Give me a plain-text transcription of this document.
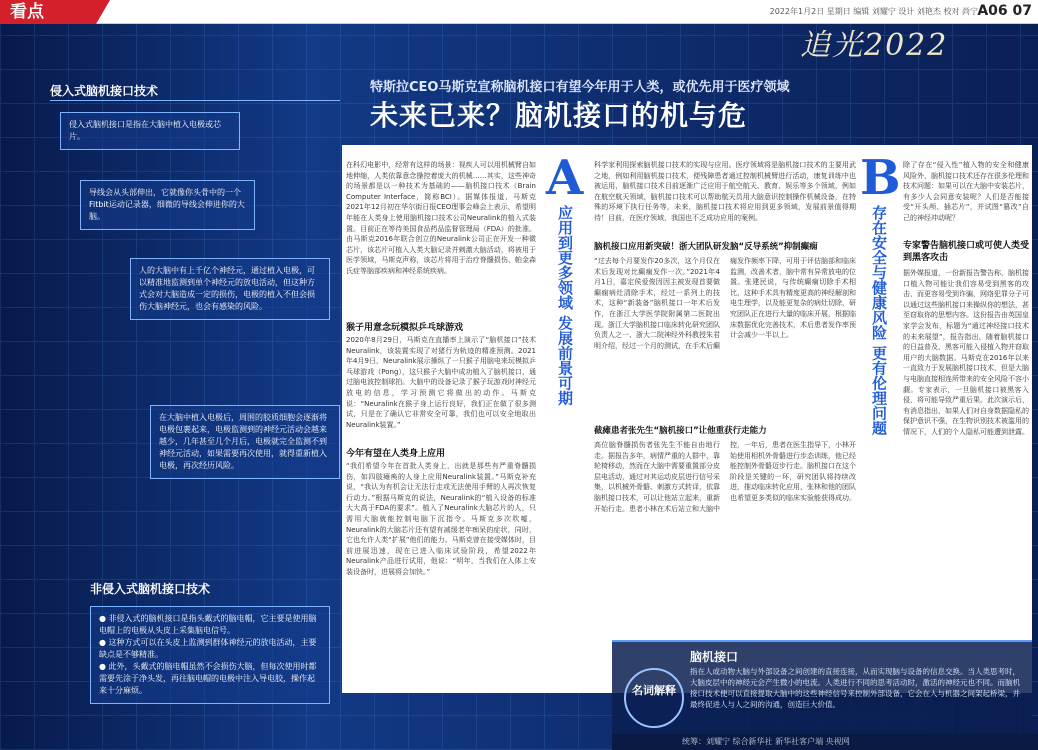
看点	2022年1月2日 星期日 编辑 刘耀宁 设计 刘艳杰 校对 尚宁 A06 07
追光2022
特斯拉CEO马斯克宣称脑机接口有望今年用于人类，或优先用于医疗领域
未来已来？脑机接口的机与危
侵入式脑机接口技术
侵入式脑机接口是指在大脑中植入电极或芯片。
导线会从头部伸出，它就像你头骨中的一个Fitbit运动记录器，细微的导线会伸进你的大脑。
人的大脑中有上千亿个神经元，通过植入电极，可以精准地监测到单个神经元的放电活动，但这种方式会对大脑造成一定的损伤，电极的植入不但会损伤大脑神经元，也会有感染的风险。
在大脑中植入电极后，周围的胶质细胞会逐渐将电极包裹起来，电极监测到的神经元活动会越来越少，几年甚至几个月后，电极就完全监测不到神经元活动，如果需要再次使用，就得重新植入电极，再次经历风险。
非侵入式脑机接口技术
● 非侵入式的脑机接口是指头戴式的脑电帽，它主要是使用脑电帽上的电极从头皮上采集脑电信号。
● 这种方式可以在头皮上监测到群体神经元的放电活动，主要缺点是不够精准。
● 此外，头戴式的脑电帽虽然不会损伤大脑，但每次使用时都需要先涂于净头发，再往脑电帽的电极中注入导电胶，操作起来十分麻烦。
在科幻电影中，经常有这样的场景：视疾人可以用机械臂自如地伸缩，人类依靠意念操控着庞大的机械……其实，这些神奇的场景都是以一种技术为基础的——脑机接口技术（Brain Computer Interface，简称BCI）。据媒体报道，马斯克2021年12月初在华尔街日报CEO理事会峰会上表示，希望明年能在人类身上使用脑机接口技术公司Neuralink的植入式装置。目前正在等待美国食品药品监督管理局（FDA）的批准。由马斯克2016年联合创立的Neuralink公司正在开发一种微芯片，该芯片可植入人类大脑记录并刺激大脑活动，将被用于医学领域，马斯克声称，该芯片将用于治疗脊髓损伤、帕金森氏症等脑部疾病和神经系统疾病。
猴子用意念玩模拟乒乓球游戏
2020年8月29日，马斯克在直播率上演示了“脑机接口”技术Neuralink，该装置实现了对猪行为轨迹的精准预测。2021年4月9日，Neuralink展示操纵了一只猴子用脑电来玩模拟乒乓球游戏（Pong），这只猴子大脑中成功植入了脑机接口，通过脑电波控制球拍。大脑中的设备记录了猴子玩游戏时神经元放电的信息，学习预测它将做出的动作。马斯克说：“Neuralink在猴子身上运行良好，我们正在做了很多测试，只是在了确认它非常安全可靠，我们也可以安全地取出Neuralink装置。”
今年有望在人类身上应用
“我们希望今年在首批人类身上，出就是那些有严重脊髓损伤，如四肢瘫痪的人身上应用Neuralink装置。”马斯克补充说，“我认为有机会让无法行走或无法使用手臂的人再次恢复行动力。”根据马斯克的说法，Neuralink的“植入设备的标准大大高于FDA的要求”。植入了Neuralink大脑芯片的人，只需用大脑就能控制电脑下沉指令。马斯克多次吹嘘，Neuralink的大脑芯片还有望有减缓老年痴呆的症状，同时，它也允许人类“扩展”他们的能力。马斯克曾在接受媒体时，目前进展迅速，现在已进入临床试验阶段，希望2022年Neuralink产品进行试用，他说：“明年，当我们在人体上安装设备时，进展将会加快。”
A
应用到更多领域 发展前景可期
科学家利用探索脑机接口技术的实现与应用。医疗领域将是脑机接口技术的主要用武之地，例如利用脑机接口技术，便残障患者通过控制机械臂进行活动，康复训练中也被运用，脑机接口技术目前逐渐广泛应用于航空航天、教育、娱乐等多个领域，例如在航空航天领域，脑机接口技术可以帮助航天员用大脑意识控制操作机械设备，在特殊的环境下执行任务等，未来，脑机接口技术将应用到更多领域，发展前景值得期待！目前，在医疗领域，我国也不乏成功应用的案例。
脑机接口应用新突破！浙大团队研发脑“反导系统”抑制癫痫
“过去每个月要发作20多次，这个月仅在术后发现对比癫痫发作一次。”2021年4月1日，嘉定侯爱俊因因主被发现首要做癫痫病灶清除手术，经过一系列上的技术，这种“新装备”脑机接口一年术后发作，在浙江大学医学院附属第二医院出现。浙江大学脑机接口临床转化研究团队负责人之一、浙大二院神经外科教授朱君明介绍，经过一个月的测试，在手术后癫痫发作频率下降，可用于评估脑部和临床监测，改善术者，脑中常有异常放电的位置。张建民说，与传统癫痫切除手术相比，这种手术具有精度更高的神经解剖和电生理学，以及能更复杂的病灶切除，研究团队正在进行大量的临床开展，根据临床数据优化完善技术，术后患者发作率预计会减少一半以上。
截瘫患者张先生“脑机接口”让他重获行走能力
高位脑脊髓损伤者张先生不能自由地行走。据报告多年，病情严重的人群中，靠轮椅移动，然而在大脑中需要重置部分皮层电活动，通过对其运动皮层进行信号采集，以机械外骨骼、刺激方式转译，依靠脑机接口技术，可以让他站立起来，重新开始行走。患者小林在术后站立和大脑中控，一年后，患者在医生指导下，小林开始使用相机外骨骼进行步态训练，他已经能控制外骨骼迈步行走。脑机接口在这个阶段是关键的一环，研究团队将持续改进，推动临床转化应用，张林和他的团队也希望更多类似的临床实验能获得成功。
B
存在安全与健康风险 更有伦理问题
除了存在“侵入性”植入物的安全和健康风险外，脑机接口技术还存在很多伦理和技术问题：如果可以在大脑中安装芯片，有多少人会同意安装呢？人们是否能接受“开头颅、插芯片”，并试图“篡改”自己的神经冲动呢？
专家警告脑机接口或可使人类受到黑客攻击
据外媒报道，一份新报告警告称，脑机接口植入物可能让我们容易受到黑客的攻击，而更容易受到诈骗，网络犯罪分子可以通过这些脑机接口来操纵你的想法，甚至窃取你的思想内容。这份报告由英国皇家学会发布，标题为“通过神经接口技术的未来展望”，报告指出，随着脑机接口的日益普及，黑客可能入侵植入物并窃取用户的大脑数据。马斯克在2016年以来一直致力于发展脑机接口技术，但是大脑与电脑直接相连所带来的安全风险不容小觑。专家表示，一旦脑机接口被黑客入侵，将可能导致严重后果。此次演示后，有消息指出，如果人们对自身数据隐私的保护意识不强，在生物识别技术被滥用的情况下，人们的个人隐私可能遭到泄露。
名词解释
脑机接口
指在人或动物大脑与外部设备之间创建的直接连接，从而实现脑与设备的信息交换。当人类思考时，大脑皮层中的神经元会产生微小的电流。人类进行不同的思考活动时，激活的神经元也不同。而脑机接口技术便可以直接提取大脑中的这些神经信号来控制外部设备，它会在人与机器之间架起桥梁，并最终促进人与人之间的沟通，创造巨大价值。
统筹：刘耀宁 综合新华社 新华社客户端 央视网
